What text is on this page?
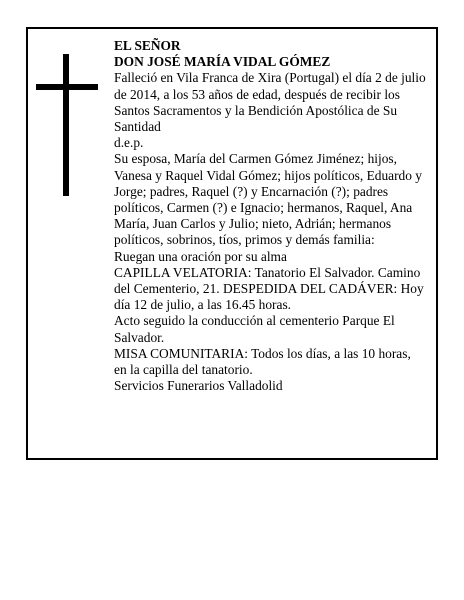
EL SEÑOR

DON JOSÉ MARÍA VIDAL GÓMEZ

Falleció en Vila Franca de Xira (Portugal) el día 2 de julio de 2014, a los 53 años de edad, después de recibir los Santos Sacramentos y la Bendición Apostólica de Su Santidad

d.e.p.

Su esposa, María del Carmen Gómez Jiménez; hijos, Vanesa y Raquel Vidal Gómez; hijos políticos, Eduardo y Jorge; padres, Raquel (?) y Encarnación (?); padres políticos, Carmen (?) e Ignacio; hermanos, Raquel, Ana María, Juan Carlos y Julio; nieto, Adrián; hermanos políticos, sobrinos, tíos, primos y demás familia:

Ruegan una oración por su alma

CAPILLA VELATORIA: Tanatorio El Salvador. Camino del Cementerio, 21. DESPEDIDA DEL CADÁVER: Hoy día 12 de julio, a las 16.45 horas.

Acto seguido la conducción al cementerio Parque El Salvador.

MISA COMUNITARIA: Todos los días, a las 10 horas, en la capilla del tanatorio.

Servicios Funerarios Valladolid
